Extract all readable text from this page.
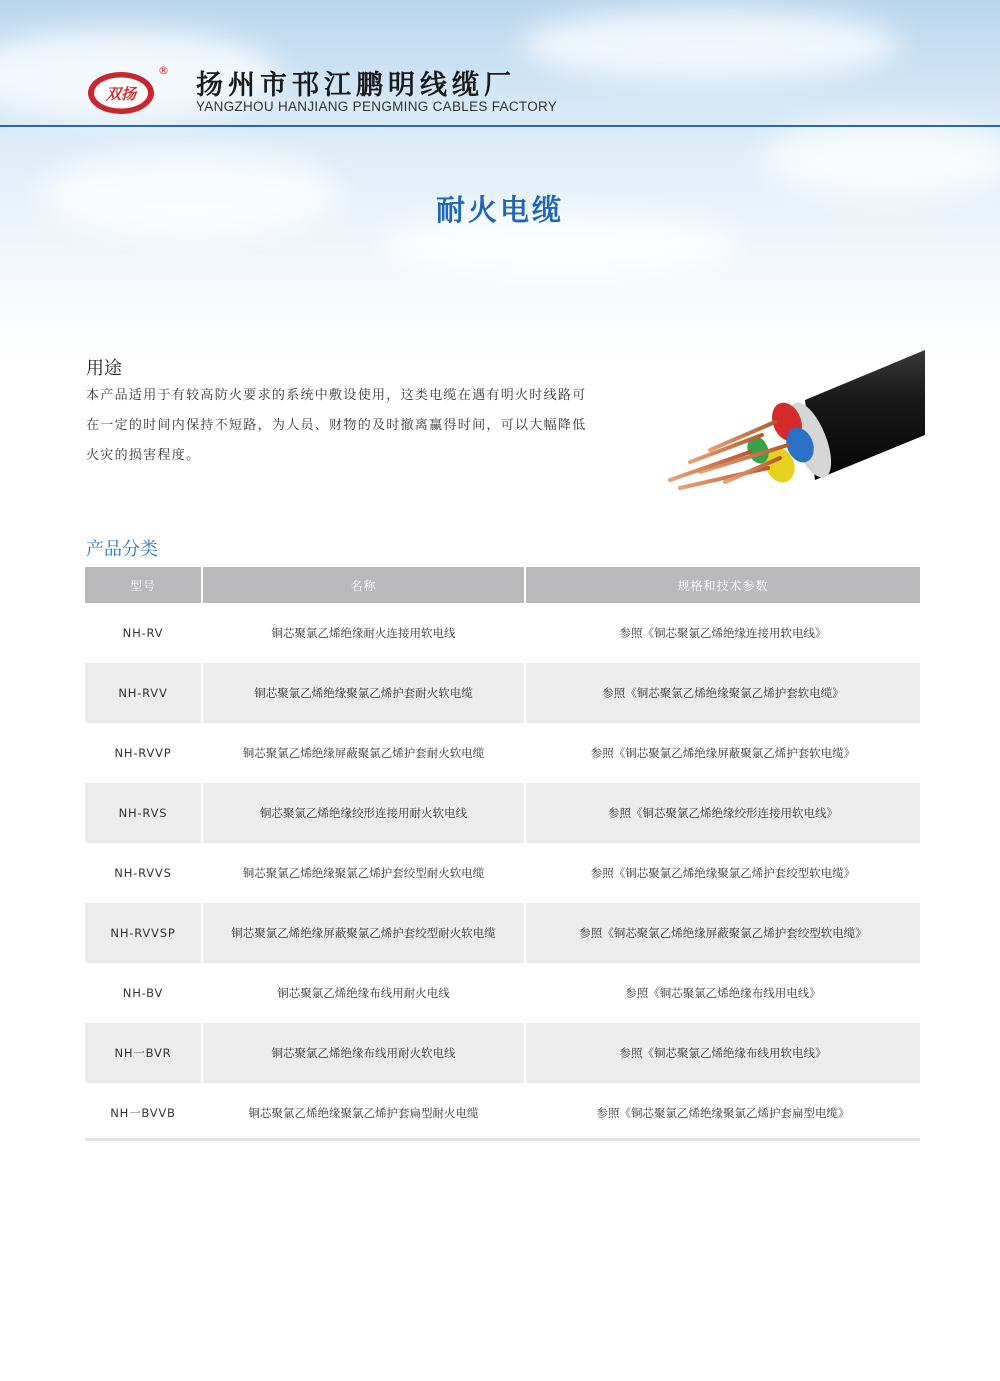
双扬
® 扬州市邗江鹏明线缆厂
YANGZHOU HANJIANG PENGMING CABLES FACTORY
耐火电缆
用途
本产品适用于有较高防火要求的系统中敷设使用，这类电缆在遇有明火时线路可在一定的时间内保持不短路，为人员、财物的及时撤离赢得时间，可以大幅降低火灾的损害程度。
产品分类
型号	名称	规格和技术参数
NH-RV	铜芯聚氯乙烯绝缘耐火连接用软电线	参照《铜芯聚氯乙烯绝缘连接用软电线》
NH-RVV	铜芯聚氯乙烯绝缘聚氯乙烯护套耐火软电缆	参照《铜芯聚氯乙烯绝缘聚氯乙烯护套软电缆》
NH-RVVP	铜芯聚氯乙烯绝缘屏蔽聚氯乙烯护套耐火软电缆	参照《铜芯聚氯乙烯绝缘屏蔽聚氯乙烯护套软电缆》
NH-RVS	铜芯聚氯乙烯绝缘绞形连接用耐火软电线	参照《铜芯聚氯乙烯绝缘绞形连接用软电线》
NH-RVVS	铜芯聚氯乙烯绝缘聚氯乙烯护套绞型耐火软电缆	参照《铜芯聚氯乙烯绝缘聚氯乙烯护套绞型软电缆》
NH-RVVSP	铜芯聚氯乙烯绝缘屏蔽聚氯乙烯护套绞型耐火软电缆	参照《铜芯聚氯乙烯绝缘屏蔽聚氯乙烯护套绞型软电缆》
NH-BV	铜芯聚氯乙烯绝缘布线用耐火电线	参照《铜芯聚氯乙烯绝缘布线用电线》
NH一BVR	铜芯聚氯乙烯绝缘布线用耐火软电线	参照《铜芯聚氯乙烯绝缘布线用软电线》
NH一BVVB	铜芯聚氯乙烯绝缘聚氯乙烯护套扁型耐火电缆	参照《铜芯聚氯乙烯绝缘聚氯乙烯护套扁型电缆》
